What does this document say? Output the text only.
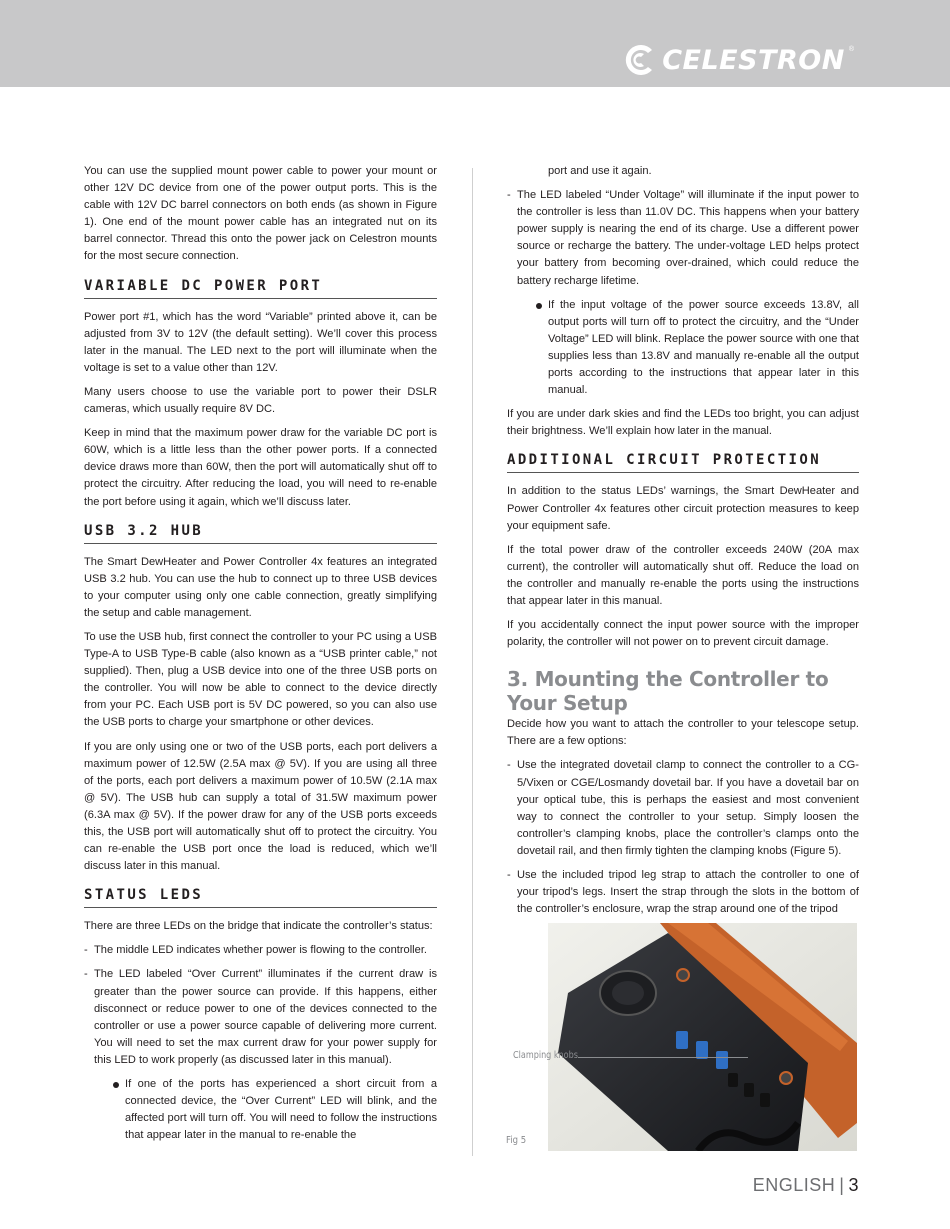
CELESTRON ®

You can use the supplied mount power cable to power your mount or other 12V DC device from one of the power output ports. This is the cable with 12V DC barrel connectors on both ends (as shown in Figure 1). One end of the mount power cable has an integrated nut on its barrel connector. Thread this onto the power jack on Celestron mounts for the most secure connection.

VARIABLE DC POWER PORT

Power port #1, which has the word “Variable” printed above it, can be adjusted from 3V to 12V (the default setting). We’ll cover this process later in the manual. The LED next to the port will illuminate when the voltage is set to a value other than 12V.

Many users choose to use the variable port to power their DSLR cameras, which usually require 8V DC.

Keep in mind that the maximum power draw for the variable DC port is 60W, which is a little less than the other power ports. If a connected device draws more than 60W, then the port will automatically shut off to protect the circuitry. After reducing the load, you will need to re-enable the port before using it again, which we’ll discuss later.

USB 3.2 HUB

The Smart DewHeater and Power Controller 4x features an integrated USB 3.2 hub. You can use the hub to connect up to three USB devices to your computer using only one cable connection, greatly simplifying the setup and cable management.

To use the USB hub, first connect the controller to your PC using a USB Type-A to USB Type-B cable (also known as a “USB printer cable,” not supplied). Then, plug a USB device into one of the three USB ports on the controller. You will now be able to connect to the device directly from your PC. Each USB port is 5V DC powered, so you can also use the USB ports to charge your smartphone or other devices.

If you are only using one or two of the USB ports, each port delivers a maximum power of 12.5W (2.5A max @ 5V). If you are using all three of the ports, each port delivers a maximum power of 10.5W (2.1A max @ 5V). The USB hub can supply a total of 31.5W maximum power (6.3A max @ 5V). If the power draw for any of the USB ports exceeds this, the USB port will automatically shut off to protect the circuitry. You can re-enable the USB port once the load is reduced, which we’ll discuss later in this manual.

STATUS LEDS

There are three LEDs on the bridge that indicate the controller’s status:

- The middle LED indicates whether power is flowing to the controller.
- The LED labeled “Over Current” illuminates if the current draw is greater than the power source can provide. If this happens, either disconnect or reduce power to one of the devices connected to the controller or use a power source capable of delivering more current. You will need to set the max current draw for your power supply for this LED to work properly (as discussed later in this manual).
If one of the ports has experienced a short circuit from a connected device, the “Over Current” LED will blink, and the affected port will turn off. You will need to follow the instructions that appear later in the manual to re-enable the
port and use it again.
- The LED labeled “Under Voltage” will illuminate if the input power to the controller is less than 11.0V DC. This happens when your battery power supply is nearing the end of its charge. Use a different power source or recharge the battery. The under-voltage LED helps protect your battery from becoming over-drained, which could reduce the battery recharge lifetime.
If the input voltage of the power source exceeds 13.8V, all output ports will turn off to protect the circuitry, and the “Under Voltage” LED will blink. Replace the power source with one that supplies less than 13.8V and manually re-enable all the output ports according to the instructions that appear later in this manual.

If you are under dark skies and find the LEDs too bright, you can adjust their brightness. We’ll explain how later in the manual.

ADDITIONAL CIRCUIT PROTECTION

In addition to the status LEDs’ warnings, the Smart DewHeater and Power Controller 4x features other circuit protection measures to keep your equipment safe.

If the total power draw of the controller exceeds 240W (20A max current), the controller will automatically shut off. Reduce the load on the controller and manually re-enable the ports using the instructions that appear later in this manual.

If you accidentally connect the input power source with the improper polarity, the controller will not power on to prevent circuit damage.

3. Mounting the Controller to Your Setup

Decide how you want to attach the controller to your telescope setup. There are a few options:

- Use the integrated dovetail clamp to connect the controller to a CG-5/Vixen or CGE/Losmandy dovetail bar. If you have a dovetail bar on your optical tube, this is perhaps the easiest and most convenient way to connect the controller to your setup. Simply loosen the controller’s clamping knobs, place the controller’s clamps onto the dovetail rail, and then firmly tighten the clamping knobs (Figure 5).
- Use the included tripod leg strap to attach the controller to one of your tripod’s legs. Insert the strap through the slots in the bottom of the controller’s enclosure, wrap the strap around one of the tripod
Clamping knobs
Fig 5
ENGLISH | 3
